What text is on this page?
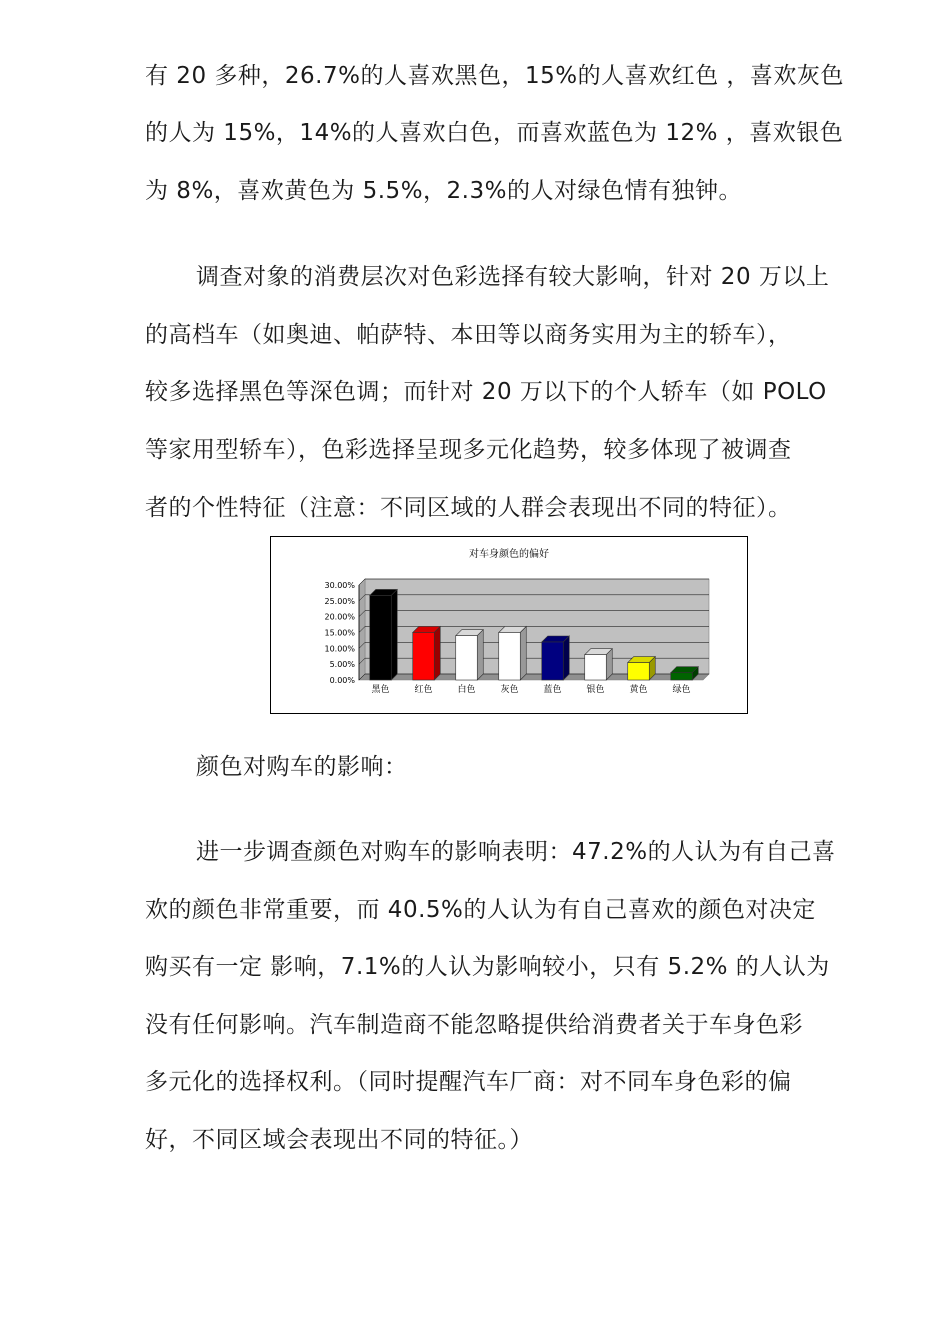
有 20 多种，26.7%的人喜欢黑色，15%的人喜欢红色 ，喜欢灰色
的人为 15%，14%的人喜欢白色，而喜欢蓝色为 12% ，喜欢银色
为 8%，喜欢黄色为 5.5%，2.3%的人对绿色情有独钟。
调查对象的消费层次对色彩选择有较大影响，针对 20 万以上
的高档车（如奥迪、帕萨特、本田等以商务实用为主的轿车），
较多选择黑色等深色调；而针对 20 万以下的个人轿车（如 POLO
等家用型轿车），色彩选择呈现多元化趋势，较多体现了被调查
者的个性特征（注意：不同区域的人群会表现出不同的特征）。
对车身颜色的偏好
30.00%
25.00%
20.00%
15.00%
10.00%
5.00%
0.00%
黑色	红色	白色	灰色	蓝色	银色	黄色	绿色
颜色对购车的影响：
进一步调查颜色对购车的影响表明：47.2%的人认为有自己喜
欢的颜色非常重要，而 40.5%的人认为有自己喜欢的颜色对决定
购买有一定 影响，7.1%的人认为影响较小，只有 5.2% 的人认为
没有任何影响。汽车制造商不能忽略提供给消费者关于车身色彩
多元化的选择权利。（同时提醒汽车厂商：对不同车身色彩的偏
好，不同区域会表现出不同的特征。）
